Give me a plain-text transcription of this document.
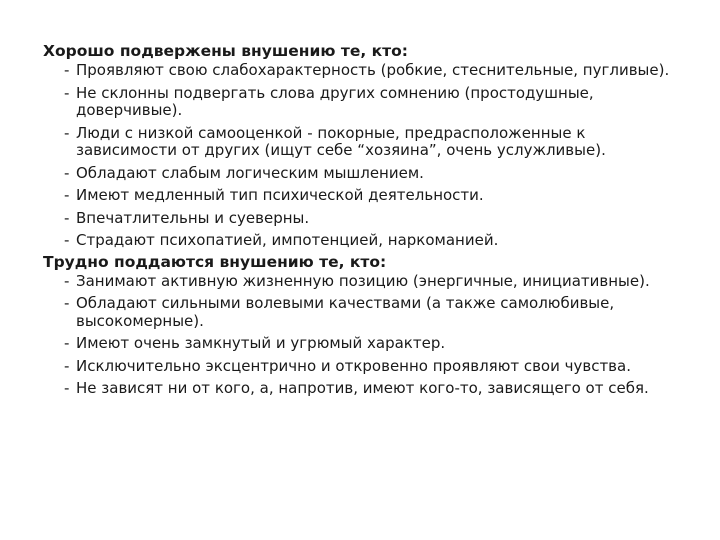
Хорошо подвержены внушению те, кто:

- Проявляют свою слабохарактерность (робкие, стеснительные, пугливые).
- Не склонны подвергать слова других сомнению (простодушные, доверчивые).
- Люди с низкой самооценкой - покорные, предрасположенные к зависимости от других (ищут себе “хозяина”, очень услужливые).
- Обладают слабым логическим мышлением.
- Имеют медленный тип психической деятельности.
- Впечатлительны и суеверны.
- Страдают психопатией, импотенцией, наркоманией.

Трудно поддаются внушению те, кто:

- Занимают активную жизненную позицию (энергичные, инициативные).
- Обладают сильными волевыми качествами (а также самолюбивые, высокомерные).
- Имеют очень замкнутый и угрюмый характер.
- Исключительно эксцентрично и откровенно проявляют свои чувства.
- Не зависят ни от кого, а, напротив, имеют кого-то, зависящего от себя.
